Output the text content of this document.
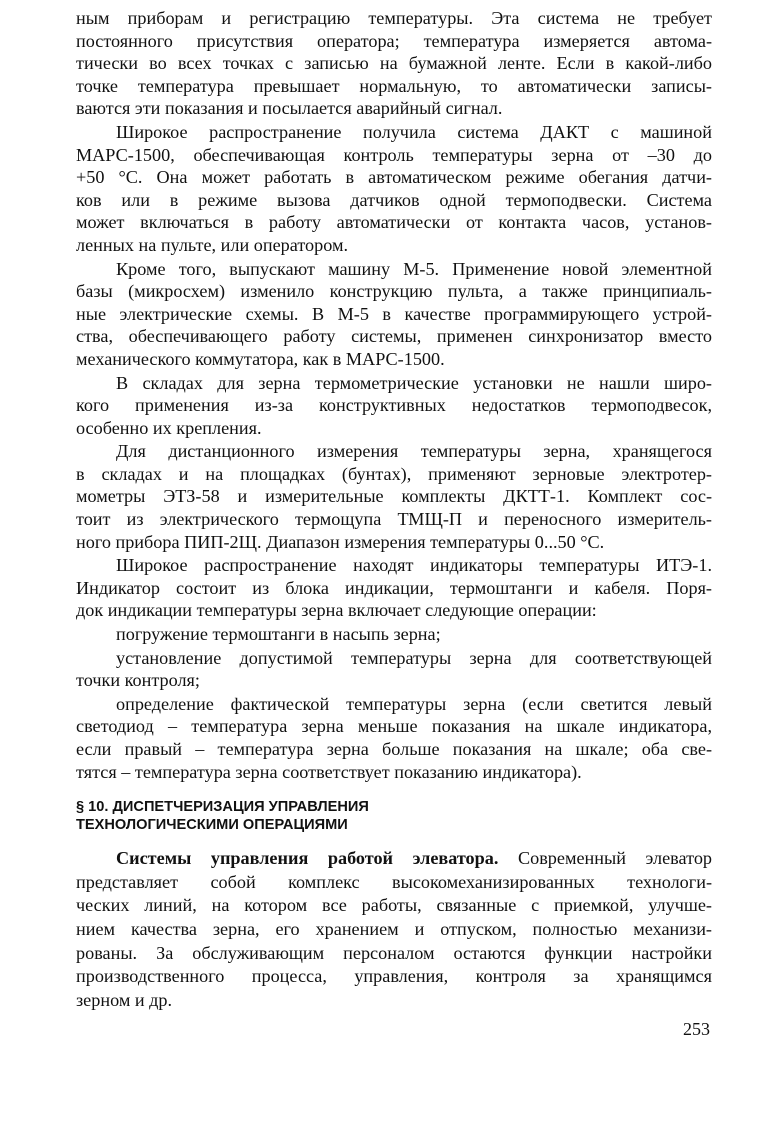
ным приборам и регистрацию температуры. Эта система не требует
постоянного присутствия оператора; температура измеряется автома-
тически во всех точках с записью на бумажной ленте. Если в какой-либо
точке температура превышает нормальную, то автоматически записы-
ваются эти показания и посылается аварийный сигнал.
Широкое распространение получила система ДАКТ с машиной
МАРС-1500, обеспечивающая контроль температуры зерна от –30 до
+50 °С. Она может работать в автоматическом режиме обегания датчи-
ков или в режиме вызова датчиков одной термоподвески. Система
может включаться в работу автоматически от контакта часов, установ-
ленных на пульте, или оператором.
Кроме того, выпускают машину М-5. Применение новой элементной
базы (микросхем) изменило конструкцию пульта, а также принципиаль-
ные электрические схемы. В М-5 в качестве программирующего устрой-
ства, обеспечивающего работу системы, применен синхронизатор вместо
механического коммутатора, как в МАРС-1500.
В складах для зерна термометрические установки не нашли широ-
кого применения из-за конструктивных недостатков термоподвесок,
особенно их крепления.
Для дистанционного измерения температуры зерна, хранящегося
в складах и на площадках (бунтах), применяют зерновые электротер-
мометры ЭТЗ-58 и измерительные комплекты ДКТТ-1. Комплект сос-
тоит из электрического термощупа ТМЩ-П и переносного измеритель-
ного прибора ПИП-2Щ. Диапазон измерения температуры 0...50 °С.
Широкое распространение находят индикаторы температуры ИТЭ-1.
Индикатор состоит из блока индикации, термоштанги и кабеля. Поря-
док индикации температуры зерна включает следующие операции:
погружение термоштанги в насыпь зерна;
установление допустимой температуры зерна для соответствующей
точки контроля;
определение фактической температуры зерна (если светится левый
светодиод – температура зерна меньше показания на шкале индикатора,
если правый – температура зерна больше показания на шкале; оба све-
тятся – температура зерна соответствует показанию индикатора).
§ 10. ДИСПЕТЧЕРИЗАЦИЯ УПРАВЛЕНИЯ
ТЕХНОЛОГИЧЕСКИМИ ОПЕРАЦИЯМИ
Системы управления работой элеватора. Современный элеватор
представляет собой комплекс высокомеханизированных технологи-
ческих линий, на котором все работы, связанные с приемкой, улучше-
нием качества зерна, его хранением и отпуском, полностью механизи-
рованы. За обслуживающим персоналом остаются функции настройки
производственного процесса, управления, контроля за хранящимся
зерном и др.
253
